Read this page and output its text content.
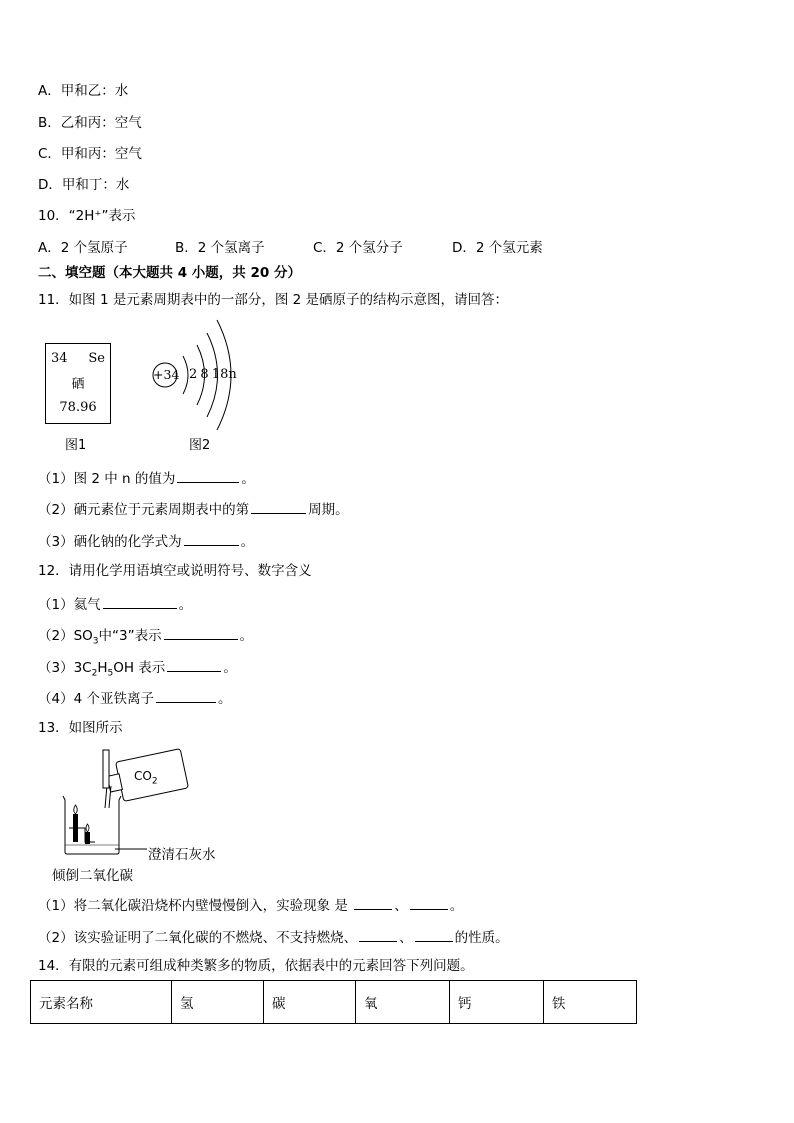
A．甲和乙：水
B．乙和丙：空气
C．甲和丙：空气
D．甲和丁：水
10．“2H⁺”表示
A．2 个氢原子	B．2 个氢离子	C．2 个氢分子	D．2 个氢元素
二、填空题（本大题共 4 小题，共 20 分）
11．如图 1 是元素周期表中的一部分，图 2 是硒原子的结构示意图，请回答：
34 Se
硒
78.96
+34 2 8 18n
图1	图2
（1）图 2 中 n 的值为	。
（2）硒元素位于元素周期表中的第	周期。
（3）硒化钠的化学式为	。
12．请用化学用语填空或说明符号、数字含义
（1）氦气	。
$(2)SO_3$中“3”表示	。
$(3)3C_2H_5OH$ 表示	。
（4）4 个亚铁离子	。
13．如图所示
$CO_2$
澄清石灰水
倾倒二氧化碳
（1）将二氧化碳沿烧杯内壁慢慢倒入，实验现象 是	、	。
（2）该实验证明了二氧化碳的不燃烧、不支持燃烧、	、	的性质。
14．有限的元素可组成种类繁多的物质，依据表中的元素回答下列问题。
元素名称	氢	碳	氧	钙	铁
